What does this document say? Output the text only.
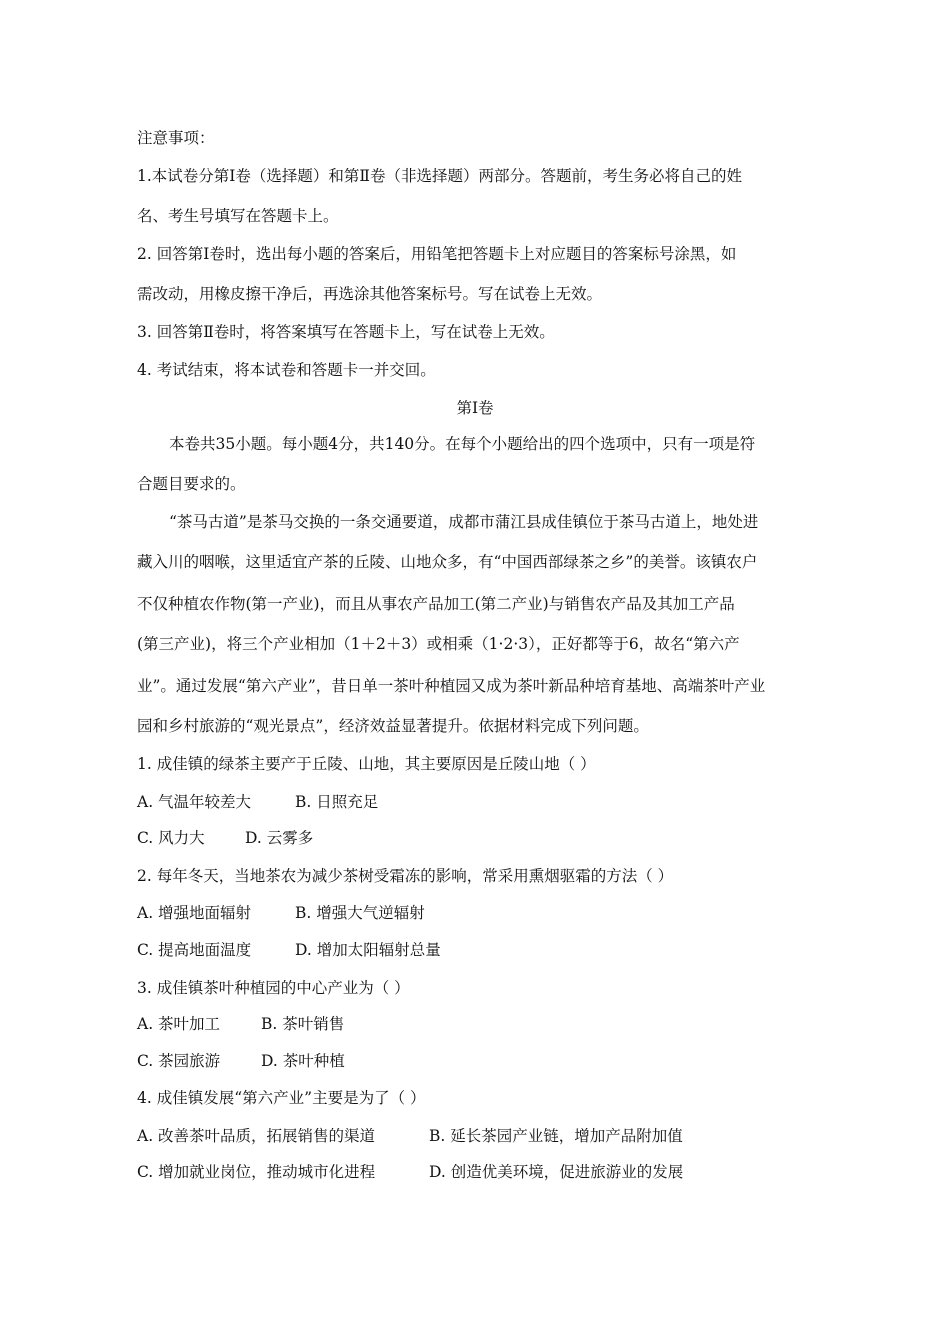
注意事项：
1.本试卷分第Ⅰ卷（选择题）和第Ⅱ卷（非选择题）两部分。答题前，考生务必将自己的姓
名、考生号填写在答题卡上。
2. 回答第Ⅰ卷时，选出每小题的答案后，用铅笔把答题卡上对应题目的答案标号涂黑，如
需改动，用橡皮擦干净后，再选涂其他答案标号。写在试卷上无效。
3. 回答第Ⅱ卷时，将答案填写在答题卡上，写在试卷上无效。
4. 考试结束，将本试卷和答题卡一并交回。
第Ⅰ卷
本卷共35小题。每小题4分，共140分。在每个小题给出的四个选项中，只有一项是符
合题目要求的。
“茶马古道”是茶马交换的一条交通要道，成都市蒲江县成佳镇位于茶马古道上，地处进
藏入川的咽喉，这里适宜产茶的丘陵、山地众多，有“中国西部绿茶之乡”的美誉。该镇农户
不仅种植农作物(第一产业)，而且从事农产品加工(第二产业)与销售农产品及其加工产品
(第三产业)，将三个产业相加（1＋2＋3）或相乘（1·2·3），正好都等于6，故名“第六产
业”。通过发展“第六产业”，昔日单一茶叶种植园又成为茶叶新品种培育基地、高端茶叶产业
园和乡村旅游的“观光景点”，经济效益显著提升。依据材料完成下列问题。
1. 成佳镇的绿茶主要产于丘陵、山地，其主要原因是丘陵山地（ ）
A. 气温年较差大	B. 日照充足
C. 风力大	D. 云雾多
2. 每年冬天，当地茶农为减少茶树受霜冻的影响，常采用熏烟驱霜的方法（ ）
A. 增强地面辐射	B. 增强大气逆辐射
C. 提高地面温度	D. 增加太阳辐射总量
3. 成佳镇茶叶种植园的中心产业为（ ）
A. 茶叶加工	B. 茶叶销售
C. 茶园旅游	D. 茶叶种植
4. 成佳镇发展“第六产业”主要是为了（ ）
A. 改善茶叶品质，拓展销售的渠道	B. 延长茶园产业链，增加产品附加值
C. 增加就业岗位，推动城市化进程	D. 创造优美环境，促进旅游业的发展
